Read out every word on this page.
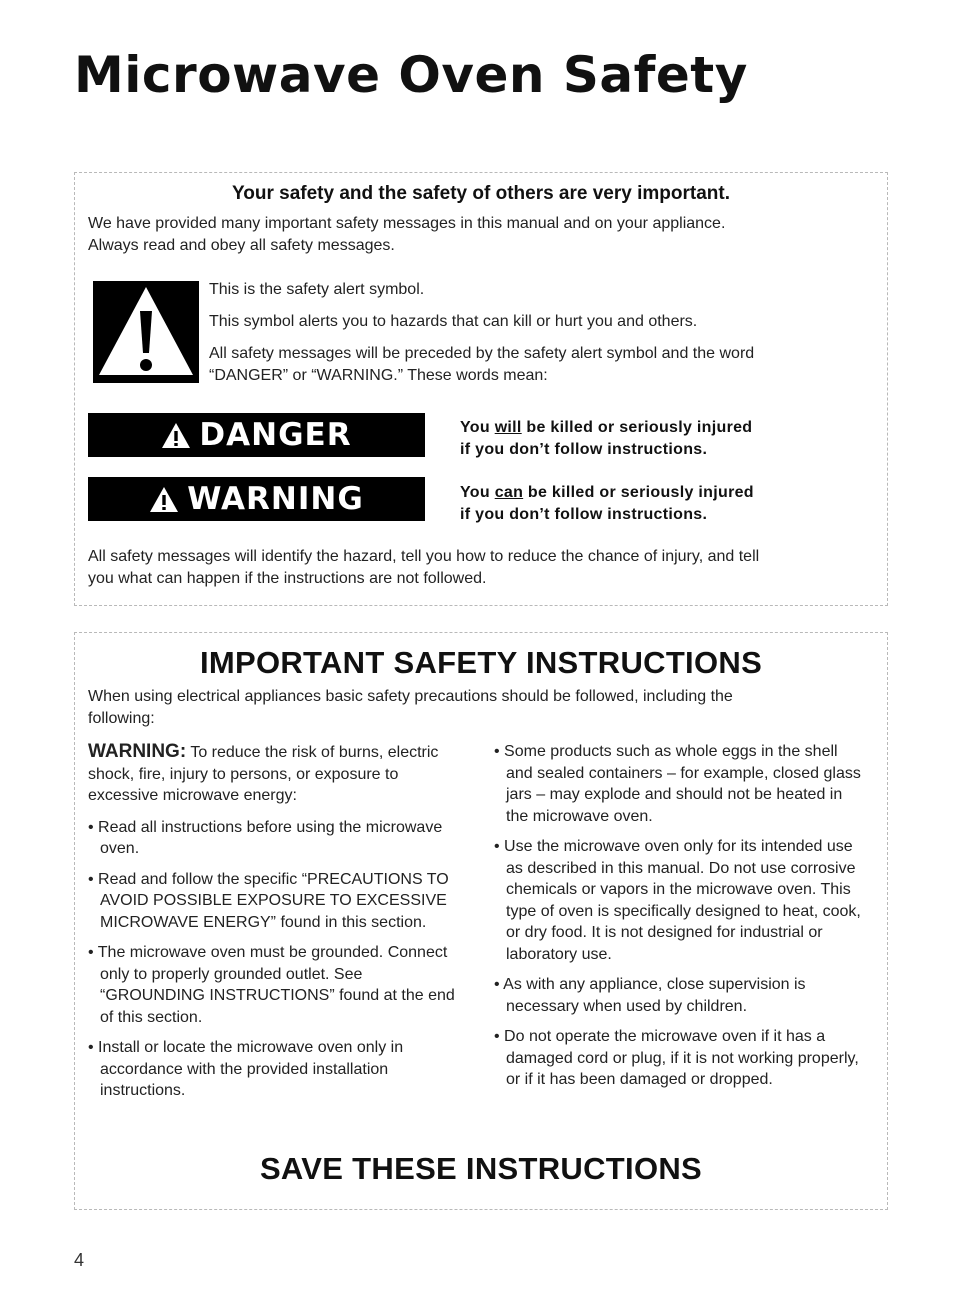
Microwave Oven Safety
Your safety and the safety of others are very important.
We have provided many important safety messages in this manual and on your appliance.
Always read and obey all safety messages.
This is the safety alert symbol.
This symbol alerts you to hazards that can kill or hurt you and others.
All safety messages will be preceded by the safety alert symbol and the word
“DANGER” or “WARNING.” These words mean:
DANGER	You will be killed or seriously injured
if you don’t follow instructions.
WARNING	You can be killed or seriously injured
if you don’t follow instructions.
All safety messages will identify the hazard, tell you how to reduce the chance of injury, and tell
you what can happen if the instructions are not followed.
IMPORTANT SAFETY INSTRUCTIONS
When using electrical appliances basic safety precautions should be followed, including the
following:

WARNING: To reduce the risk of burns, electric shock, fire, injury to persons, or exposure to excessive microwave energy:

• Read all instructions before using the microwave oven.

• Read and follow the specific “PRECAUTIONS TO AVOID POSSIBLE EXPOSURE TO EXCESSIVE MICROWAVE ENERGY” found in this section.

• The microwave oven must be grounded. Connect only to properly grounded outlet. See “GROUNDING INSTRUCTIONS” found at the end of this section.

• Install or locate the microwave oven only in accordance with the provided installation instructions.

• Some products such as whole eggs in the shell and sealed containers – for example, closed glass jars – may explode and should not be heated in the microwave oven.

• Use the microwave oven only for its intended use as described in this manual. Do not use corrosive chemicals or vapors in the microwave oven. This type of oven is specifically designed to heat, cook, or dry food. It is not designed for industrial or laboratory use.

• As with any appliance, close supervision is necessary when used by children.

• Do not operate the microwave oven if it has a damaged cord or plug, if it is not working properly, or if it has been damaged or dropped.

SAVE THESE INSTRUCTIONS
4
